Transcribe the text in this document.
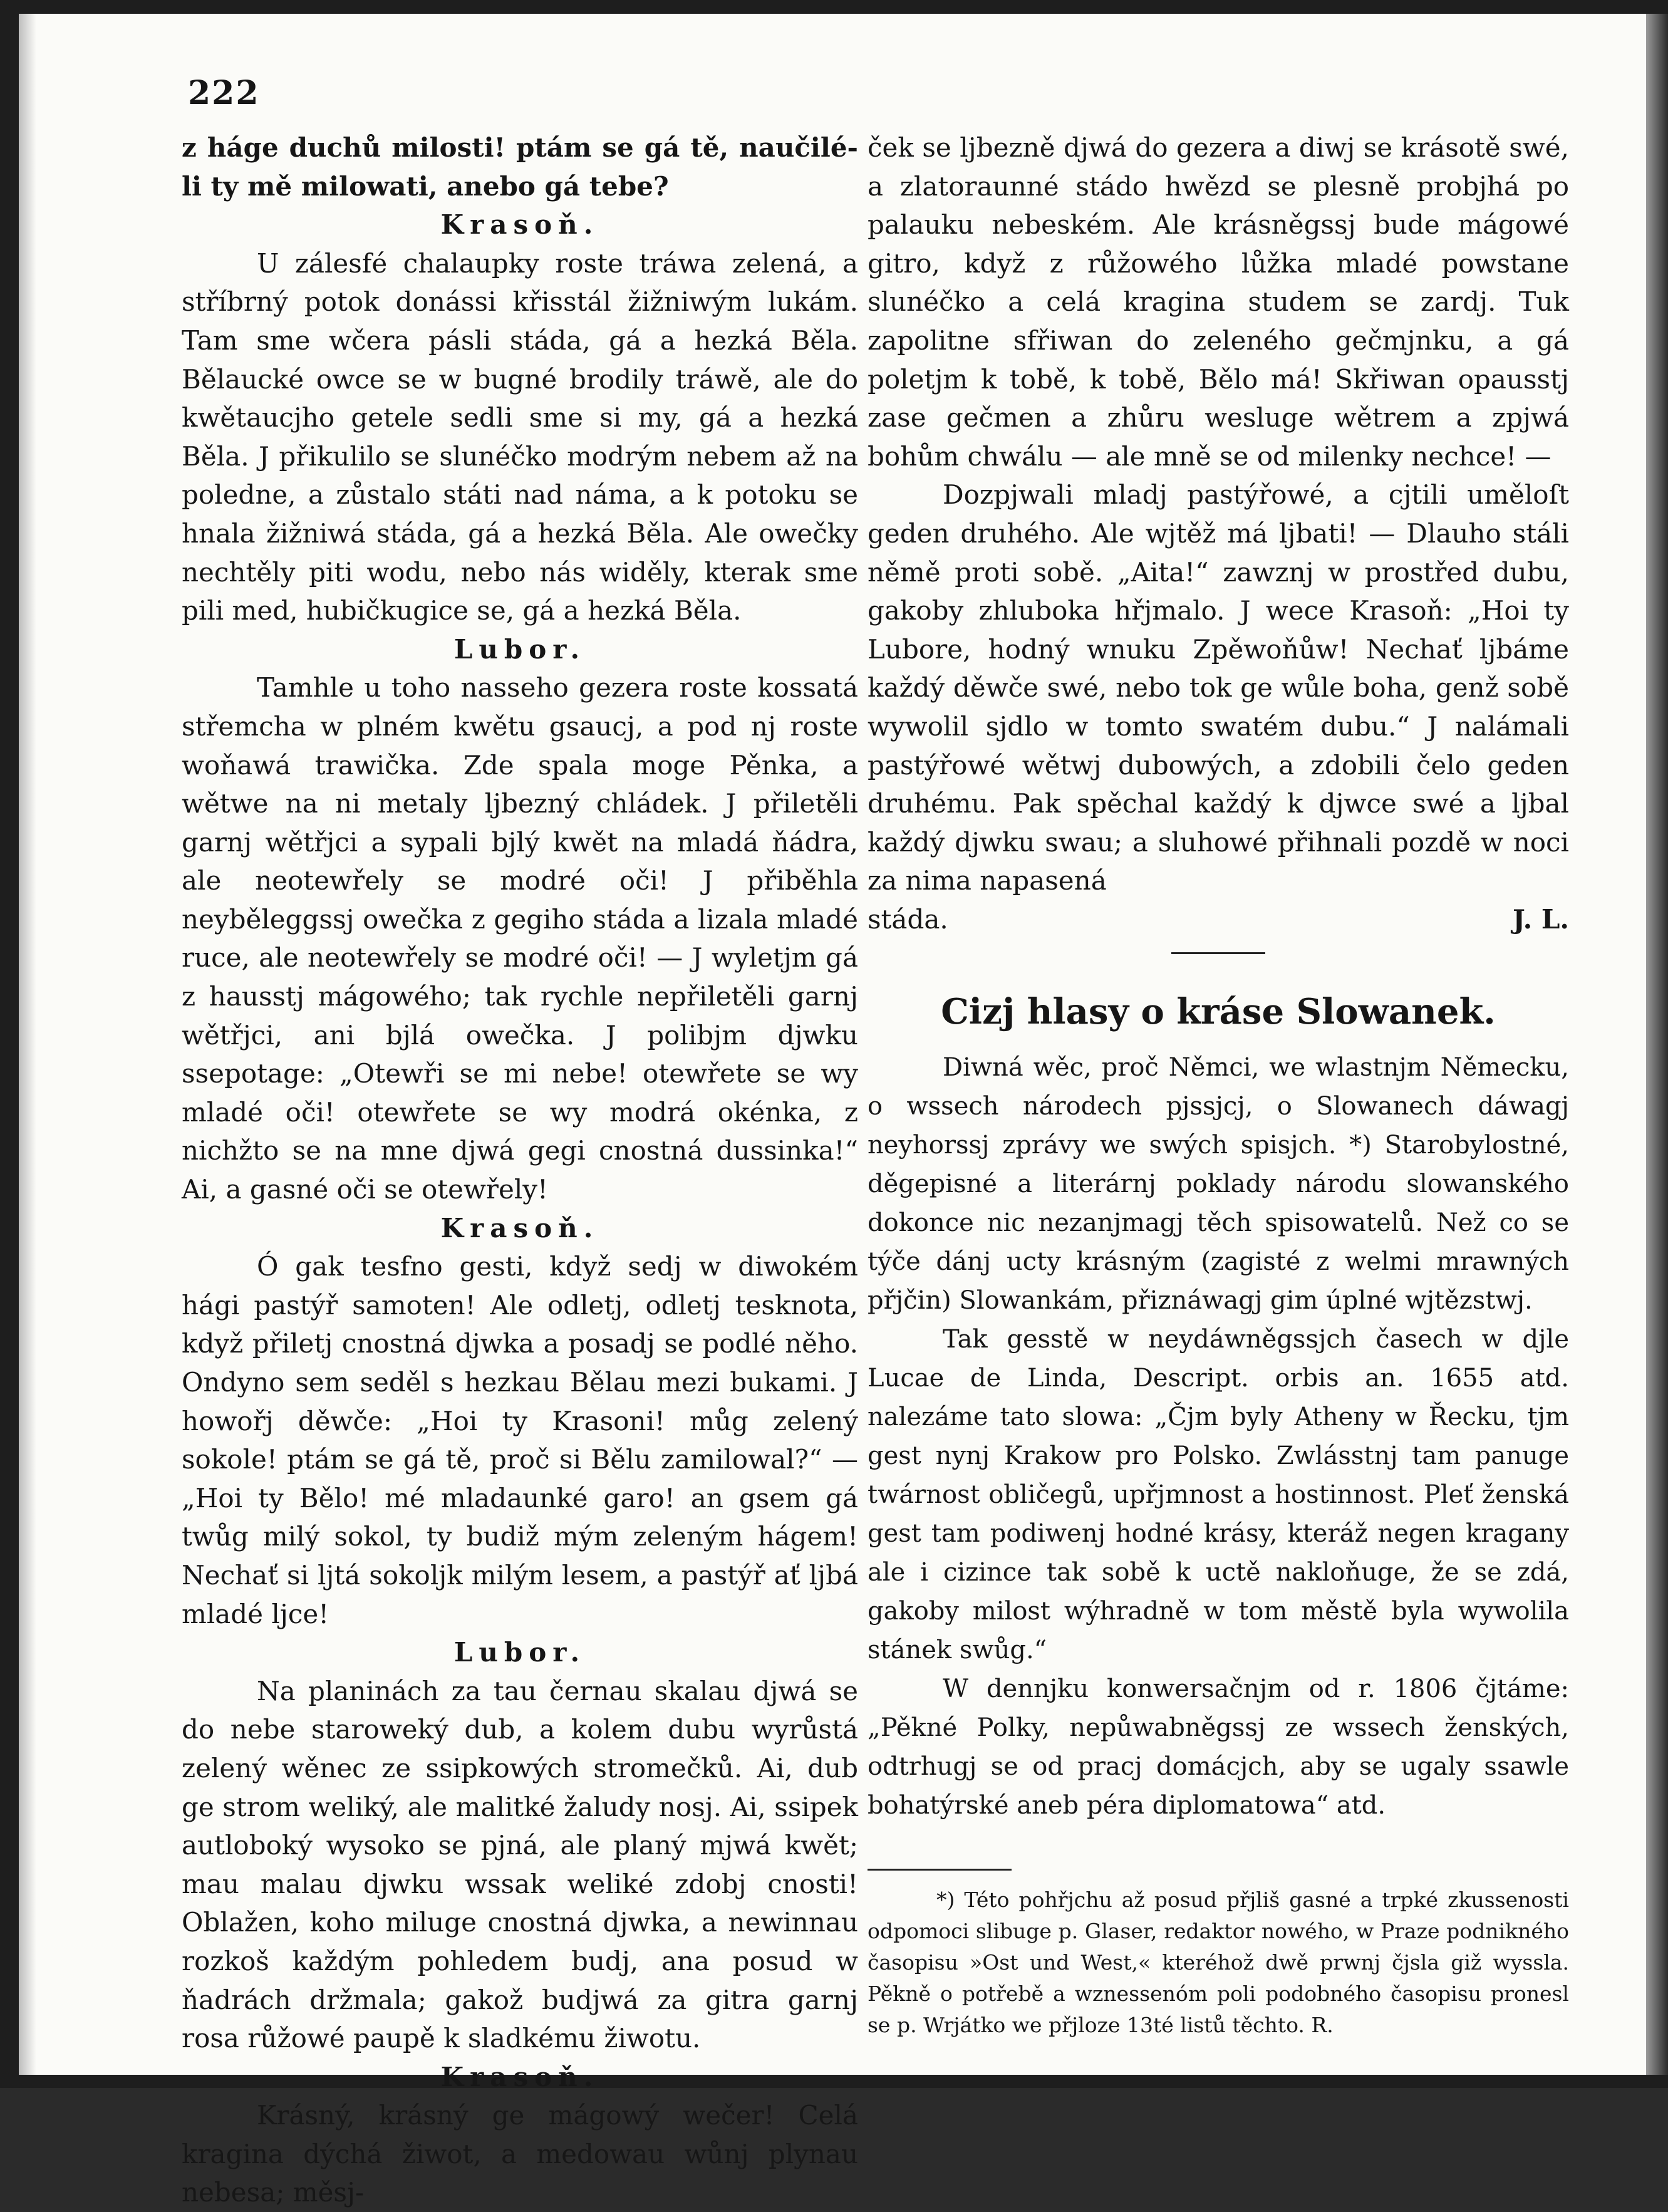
222

z háge duchů milosti! ptám se gá tě, naučilé-li ty mě milowati, anebo gá tebe?

Krasoň.

U zálesfé chalaupky roste tráwa zelená, a stříbrný potok donássi křisstál žižniwým lukám. Tam sme wčera pásli stáda, gá a hezká Běla. Bělaucké owce se w bugné brodily tráwě, ale do kwětaucjho getele sedli sme si my, gá a hezká Běla. J přikulilo se slunéčko modrým nebem až na poledne, a zůstalo státi nad náma, a k potoku se hnala žižniwá stáda, gá a hezká Běla. Ale owečky nechtěly piti wodu, nebo nás widěly, kterak sme pili med, hubičkugice se, gá a hezká Běla.

Lubor.

Tamhle u toho nasseho gezera roste kossatá střemcha w plném kwětu gsaucj, a pod nj roste woňawá trawička. Zde spala moge Pěnka, a wětwe na ni metaly ljbezný chládek. J přiletěli garnj wětřjci a sypali bjlý kwět na mladá ňádra, ale neotewřely se modré oči! J přiběhla neyběleggssj owečka z gegiho stáda a lizala mladé ruce, ale neotewřely se modré oči! — J wyletjm gá z hausstj mágowého; tak rychle nepřiletěli garnj wětřjci, ani bjlá owečka. J polibjm djwku ssepotage: „Otewři se mi nebe! otewřete se wy mladé oči! otewřete se wy modrá okénka, z nichžto se na mne djwá gegi cnostná dussinka!“ Ai, a gasné oči se otewřely!

Krasoň.

Ó gak tesfno gesti, když sedj w diwokém hági pastýř samoten! Ale odletj, odletj tesknota, když přiletj cnostná djwka a posadj se podlé něho. Ondyno sem seděl s hezkau Bělau mezi bukami. J howořj děwče: „Hoi ty Krasoni! můg zelený sokole! ptám se gá tě, proč si Bělu zamilowal?“ — „Hoi ty Bělo! mé mladaunké garo! an gsem gá twůg milý sokol, ty budiž mým zeleným hágem! Nechať si ljtá sokoljk milým lesem, a pastýř ať ljbá mladé ljce!

Lubor.

Na planinách za tau černau skalau djwá se do nebe staroweký dub, a kolem dubu wyrůstá zelený wěnec ze ssipkowých stromečků. Ai, dub ge strom weliký, ale malitké žaludy nosj. Ai, ssipek autloboký wysoko se pjná, ale planý mjwá kwět; mau malau djwku wssak weliké zdobj cnosti! Oblažen, koho miluge cnostná djwka, a newinnau rozkoš každým pohledem budj, ana posud w ňadrách držmala; gakož budjwá za gitra garnj rosa růžowé paupě k sladkému žiwotu.

Krasoň.

Krásný, krásný ge mágowý wečer! Celá kragina dýchá žiwot, a medowau wůnj plynau nebesa; měsj-

ček se ljbezně djwá do gezera a diwj se krásotě swé, a zlatoraunné stádo hwězd se plesně probjhá po palauku nebeském. Ale krásněgssj bude mágowé gitro, když z růžowého lůžka mladé powstane slunéčko a celá kragina studem se zardj. Tuk zapolitne sfřiwan do zeleného gečmjnku, a gá poletjm k tobě, k tobě, Bělo má! Skřiwan opausstj zase gečmen a zhůru wesluge wětrem a zpjwá bohům chwálu — ale mně se od milenky nechce! —

Dozpjwali mladj pastýřowé, a cjtili uměloſt geden druhého. Ale wjtěž má ljbati! — Dlauho stáli němě proti sobě. „Aita!“ zawznj w prostřed dubu, gakoby zhluboka hřjmalo. J wece Krasoň: „Hoi ty Lubore, hodný wnuku Zpěwoňůw! Nechať ljbáme každý děwče swé, nebo tok ge wůle boha, genž sobě wywolil sjdlo w tomto swatém dubu.“ J nalámali pastýřowé wětwj dubowých, a zdobili čelo geden druhému. Pak spěchal každý k djwce swé a ljbal každý djwku swau; a sluhowé přihnali pozdě w noci za nima napasená

stáda.	J. L.

Cizj hlasy o kráse Slowanek.

Diwná wěc, proč Němci, we wlastnjm Německu, o wssech národech pjssjcj, o Slowanech dáwagj neyhorssj zprávy we swých spisjch. *) Starobylostné, děgepisné a literárnj poklady národu slowanského dokonce nic nezanjmagj těch spisowatelů. Než co se týče dánj ucty krásným (zagisté z welmi mrawných přjčin) Slowankám, přiznáwagj gim úplné wjtězstwj.

Tak gesstě w neydáwněgssjch časech w djle Lucae de Linda, Descript. orbis an. 1655 atd. nalezáme tato slowa: „Čjm byly Atheny w Řecku, tjm gest nynj Krakow pro Polsko. Zwlásstnj tam panuge twárnost obličegů, upřjmnost a hostinnost. Pleť ženská gest tam podiwenj hodné krásy, kteráž negen kragany ale i cizince tak sobě k uctě nakloňuge, že se zdá, gakoby milost wýhradně w tom městě byla wywolila stánek swůg.“

W dennjku konwersačnjm od r. 1806 čjtáme: „Pěkné Polky, nepůwabněgssj ze wssech ženských, odtrhugj se od pracj domácjch, aby se ugaly ssawle bohatýrské aneb péra diplomatowa“ atd.

*) Této pohřjchu až posud přjliš gasné a trpké zkussenosti odpomoci slibuge p. Glaser, redaktor nowého, w Praze podnikného časopisu »Ost und West,« kteréhož dwě prwnj čjsla giž wyssla. Pěkně o potřebě a wznessenóm poli podobného časopisu pronesl se p. Wrjátko we přjloze 13té listů těchto. R.
